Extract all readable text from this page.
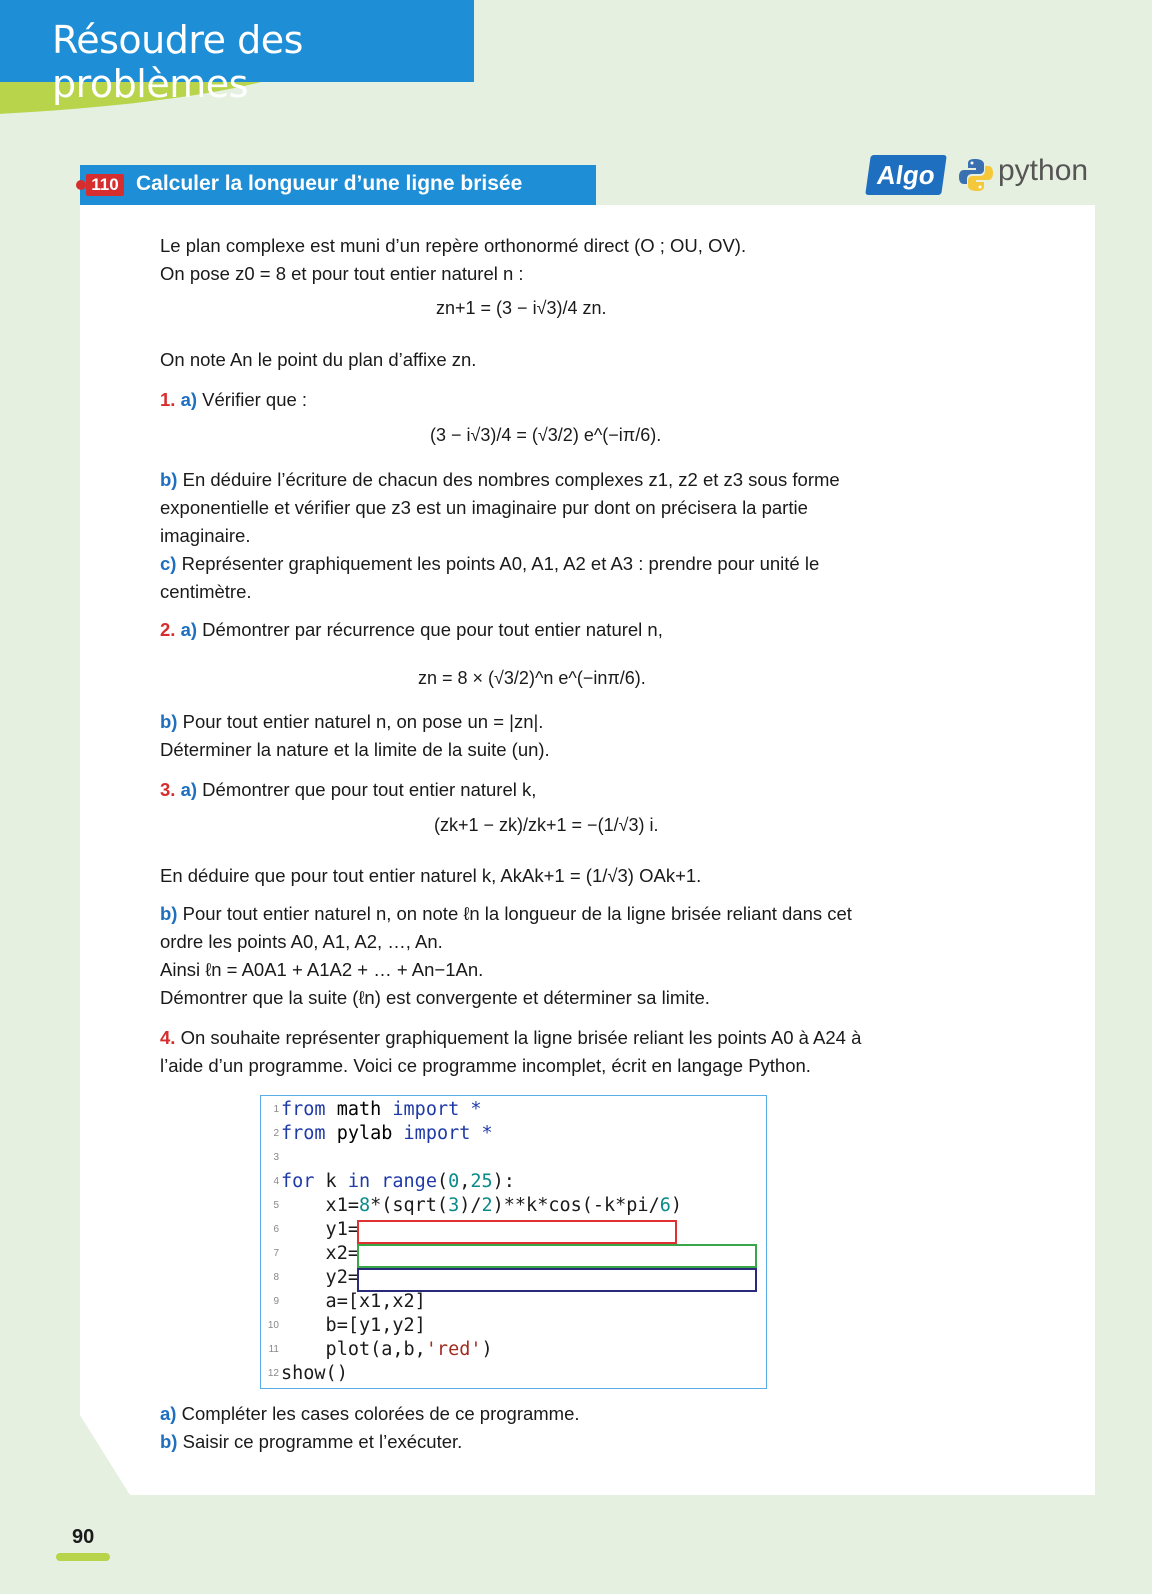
Résoudre des problèmes
110 Calculer la longueur d’une ligne brisée	Algo	python

Le plan complexe est muni d’un repère orthonormé direct (O ; OU, OV).

On pose z0 = 8 et pour tout entier naturel n :

zn+1 = (3 − i√3)/4 zn.

On note An le point du plan d’affixe zn.

1. a) Vérifier que :

(3 − i√3)/4 = (√3/2) e^(−iπ/6).

b) En déduire l’écriture de chacun des nombres complexes z1, z2 et z3 sous forme exponentielle et vérifier que z3 est un imaginaire pur dont on précisera la partie imaginaire.

c) Représenter graphiquement les points A0, A1, A2 et A3 : prendre pour unité le centimètre.

2. a) Démontrer par récurrence que pour tout entier naturel n,

zn = 8 × (√3/2)^n e^(−inπ/6).

b) Pour tout entier naturel n, on pose un = |zn|.

Déterminer la nature et la limite de la suite (un).

3. a) Démontrer que pour tout entier naturel k,

(zk+1 − zk)/zk+1 = −(1/√3) i.

En déduire que pour tout entier naturel k, AkAk+1 = (1/√3) OAk+1.

b) Pour tout entier naturel n, on note ℓn la longueur de la ligne brisée reliant dans cet ordre les points A0, A1, A2, …, An.

Ainsi ℓn = A0A1 + A1A2 + … + An−1An.

Démontrer que la suite (ℓn) est convergente et déterminer sa limite.

4. On souhaite représenter graphiquement la ligne brisée reliant les points A0 à A24 à l’aide d’un programme. Voici ce programme incomplet, écrit en langage Python.

1 from math import *
2 from pylab import *
3
4 for k in range(0,25):
5 x1=8*(sqrt(3)/2)**k*cos(-k*pi/6)
6 y1=
7 x2=
8 y2=
9 a=[x1,x2]
10 b=[y1,y2]
11 plot(a,b,'red')
12 show()

a) Compléter les cases colorées de ce programme.

b) Saisir ce programme et l’exécuter.

90
